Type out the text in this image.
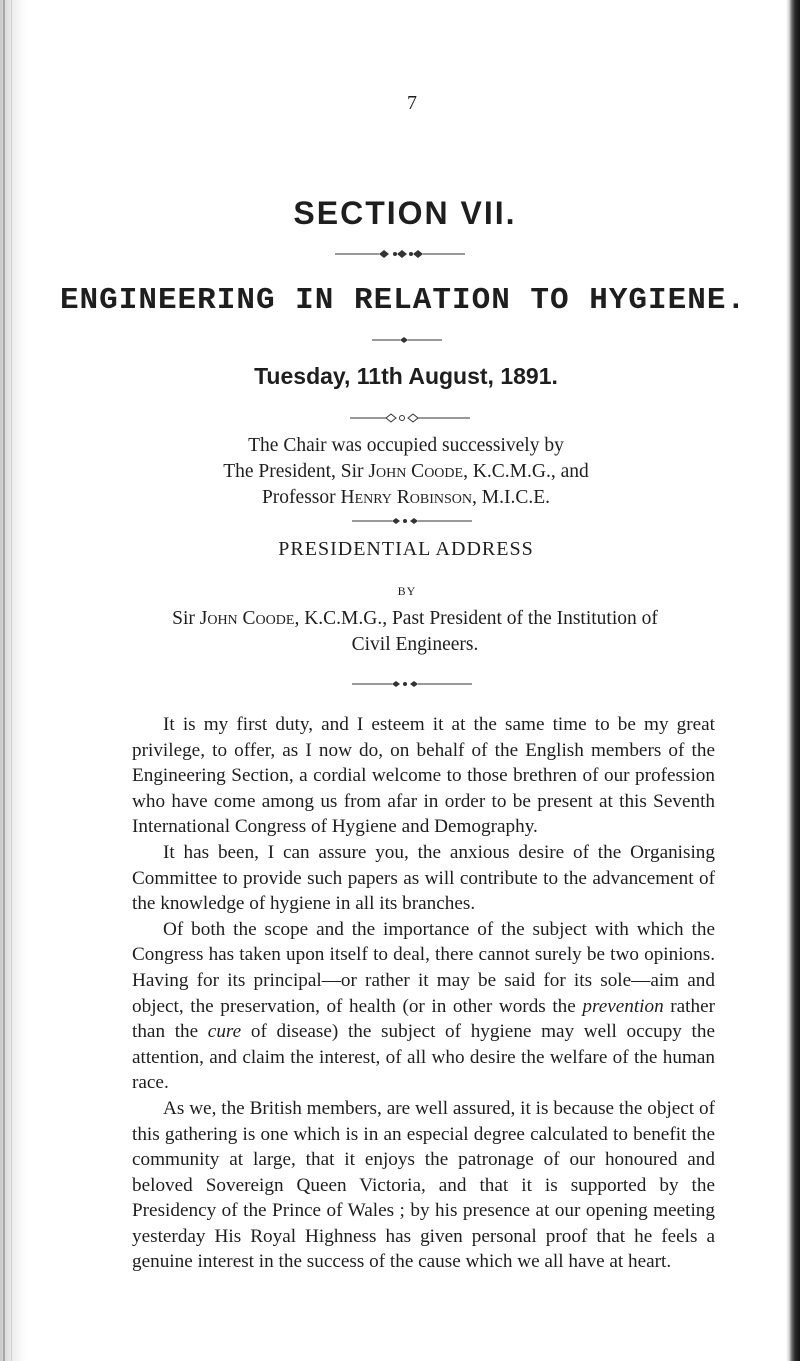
7
SECTION VII.
ENGINEERING IN RELATION TO HYGIENE.
Tuesday, 11th August, 1891.
The Chair was occupied successively by
The President, Sir John Coode, K.C.M.G., and
Professor Henry Robinson, M.I.C.E.
PRESIDENTIAL ADDRESS
BY
Sir John Coode, K.C.M.G., Past President of the Institution of
Civil Engineers.

It is my first duty, and I esteem it at the same time to be my great privilege, to offer, as I now do, on behalf of the English members of the Engineering Section, a cordial welcome to those brethren of our profession who have come among us from afar in order to be present at this Seventh International Congress of Hygiene and Demography.

It has been, I can assure you, the anxious desire of the Organising Committee to provide such papers as will contribute to the advancement of the knowledge of hygiene in all its branches.

Of both the scope and the importance of the subject with which the Congress has taken upon itself to deal, there cannot surely be two opinions. Having for its principal—or rather it may be said for its sole—aim and object, the preservation, of health (or in other words the prevention rather than the cure of disease) the subject of hygiene may well occupy the attention, and claim the interest, of all who desire the welfare of the human race.

As we, the British members, are well assured, it is because the object of this gathering is one which is in an especial degree calculated to benefit the community at large, that it enjoys the patronage of our honoured and beloved Sovereign Queen Victoria, and that it is supported by the Presidency of the Prince of Wales ; by his presence at our opening meeting yesterday His Royal Highness has given personal proof that he feels a genuine interest in the success of the cause which we all have at heart.
